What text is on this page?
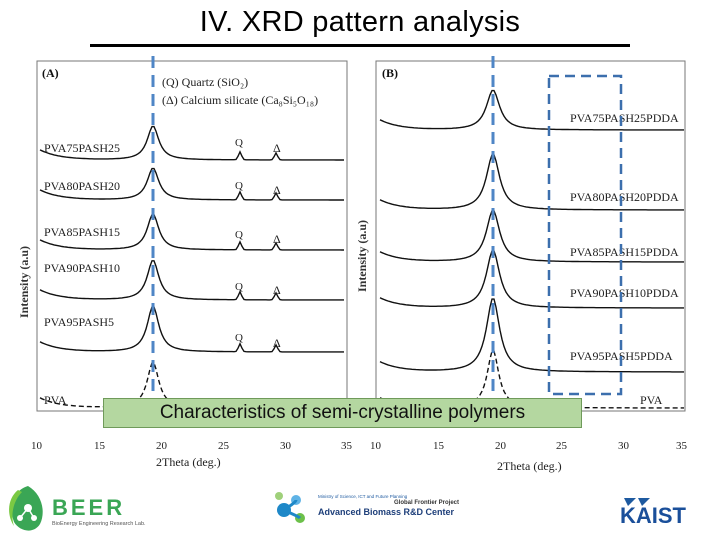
IV. XRD pattern analysis
(A)
(Q) Quartz (SiO₂)
(Δ) Calcium silicate (Ca₈Si₅O₁₈)
Intensity (a.u)
PVA75PASH25
PVA80PASH20
PVA85PASH15
PVA90PASH10
PVA95PASH5
PVA
Q	Δ
Q	Δ
Q	Δ
Q	Δ
Q	Δ
10	15	20	25	30	35
2Theta (deg.)
(B)
Intensity (a.u)
PVA75PASH25PDDA
PVA80PASH20PDDA
PVA85PASH15PDDA
PVA90PASH10PDDA
PVA95PASH5PDDA
PVA
10	15	20	25	30	35
2Theta (deg.)
Characteristics of semi-crystalline polymers
BEER
BioEnergy Engineering Research Lab.
Ministry of Science, ICT and Future Planning
Global Frontier Project
Advanced Biomass R&D Center	KAIST
